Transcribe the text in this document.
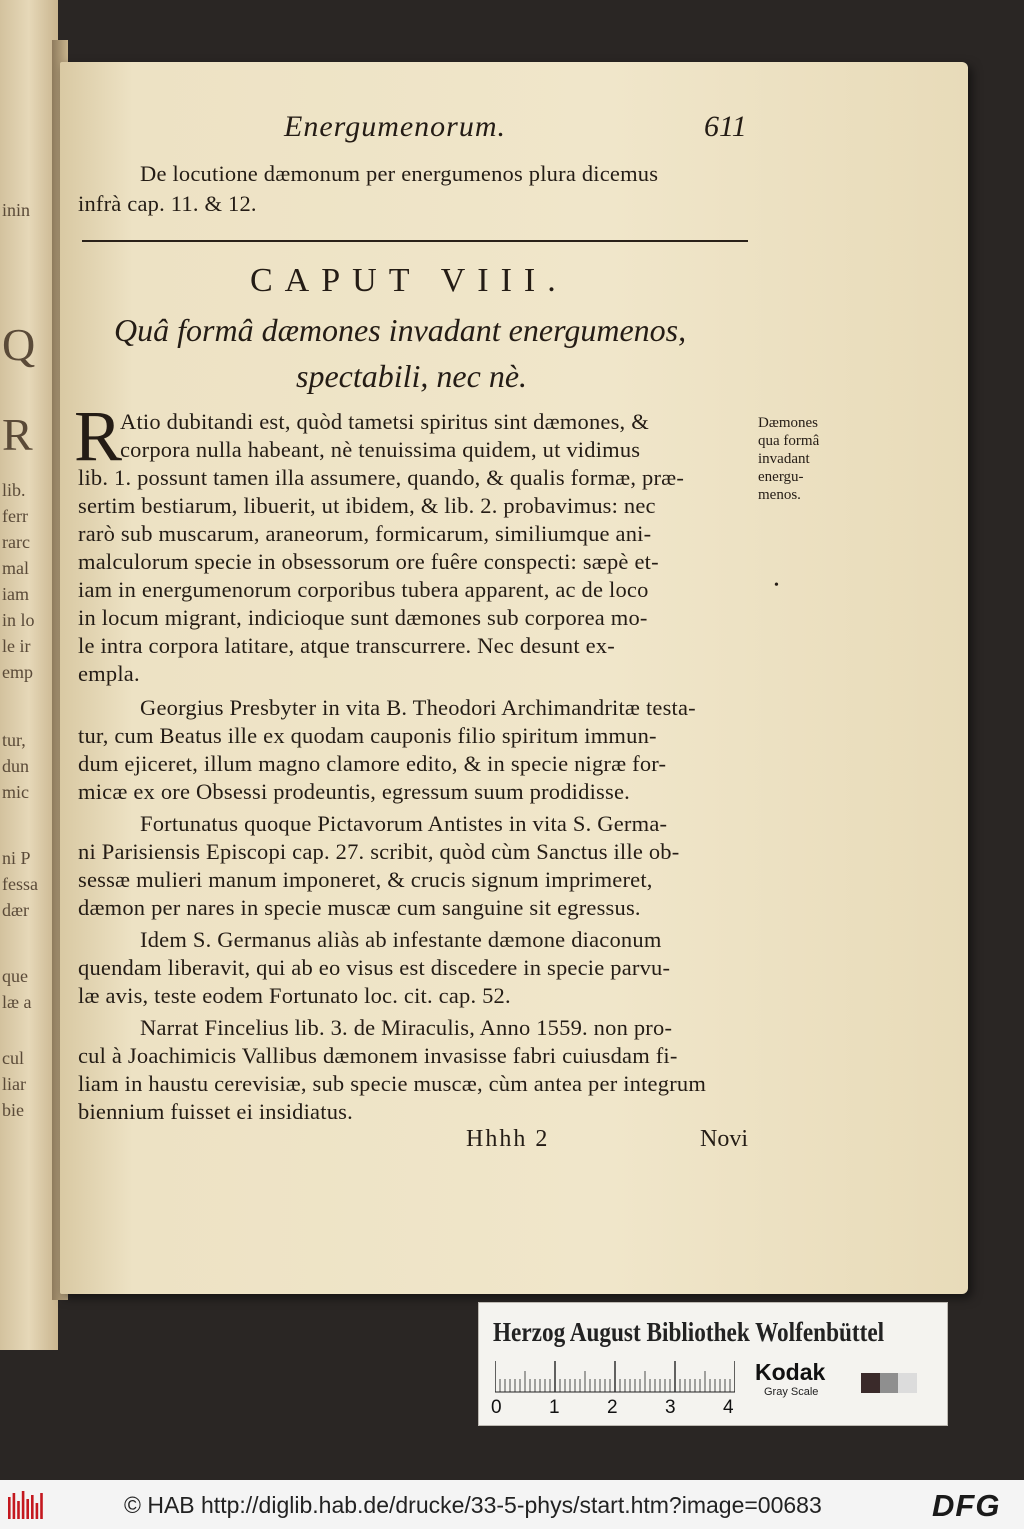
inin
Q
R
lib.
ferr
rarc
mal
iam
in lo
le ir
emp
tur,
dun
mic
ni P
fessa
dær
que
læ a
cul
liar
bie
Energumenorum.	611
De locutione dæmonum per energumenos plura dicemus
infrà cap. 11. & 12.
CAPUT VIII.
Quâ formâ dæmones invadant energumenos,
spectabili, nec nè.
R
Atio dubitandi est, quòd tametsi spiritus sint dæmones, &
corpora nulla habeant, nè tenuissima quidem, ut vidimus
lib. 1. possunt tamen illa assumere, quando, & qualis formæ, præ-
sertim bestiarum, libuerit, ut ibidem, & lib. 2. probavimus: nec
rarò sub muscarum, araneorum, formicarum, similiumque ani-
malculorum specie in obsessorum ore fuêre conspecti: sæpè et-
iam in energumenorum corporibus tubera apparent, ac de loco
in locum migrant, indicioque sunt dæmones sub corporea mo-
le intra corpora latitare, atque transcurrere. Nec desunt ex-
empla.
Dæmones
qua formâ
invadant
energu-
menos.
•
Georgius Presbyter in vita B. Theodori Archimandritæ testa-
tur, cum Beatus ille ex quodam cauponis filio spiritum immun-
dum ejiceret, illum magno clamore edito, & in specie nigræ for-
micæ ex ore Obsessi prodeuntis, egressum suum prodidisse.
Fortunatus quoque Pictavorum Antistes in vita S. Germa-
ni Parisiensis Episcopi cap. 27. scribit, quòd cùm Sanctus ille ob-
sessæ mulieri manum imponeret, & crucis signum imprimeret,
dæmon per nares in specie muscæ cum sanguine sit egressus.
Idem S. Germanus aliàs ab infestante dæmone diaconum
quendam liberavit, qui ab eo visus est discedere in specie parvu-
læ avis, teste eodem Fortunato loc. cit. cap. 52.
Narrat Fincelius lib. 3. de Miraculis, Anno 1559. non pro-
cul à Joachimicis Vallibus dæmonem invasisse fabri cuiusdam fi-
liam in haustu cerevisiæ, sub specie muscæ, cùm antea per integrum
biennium fuisset ei insidiatus.
Hhhh 2	Novi
Herzog August Bibliothek Wolfenbüttel
0 1 2 3 4
Kodak
Gray Scale
© HAB http://diglib.hab.de/drucke/33-5-phys/start.htm?image=00683	DFG
